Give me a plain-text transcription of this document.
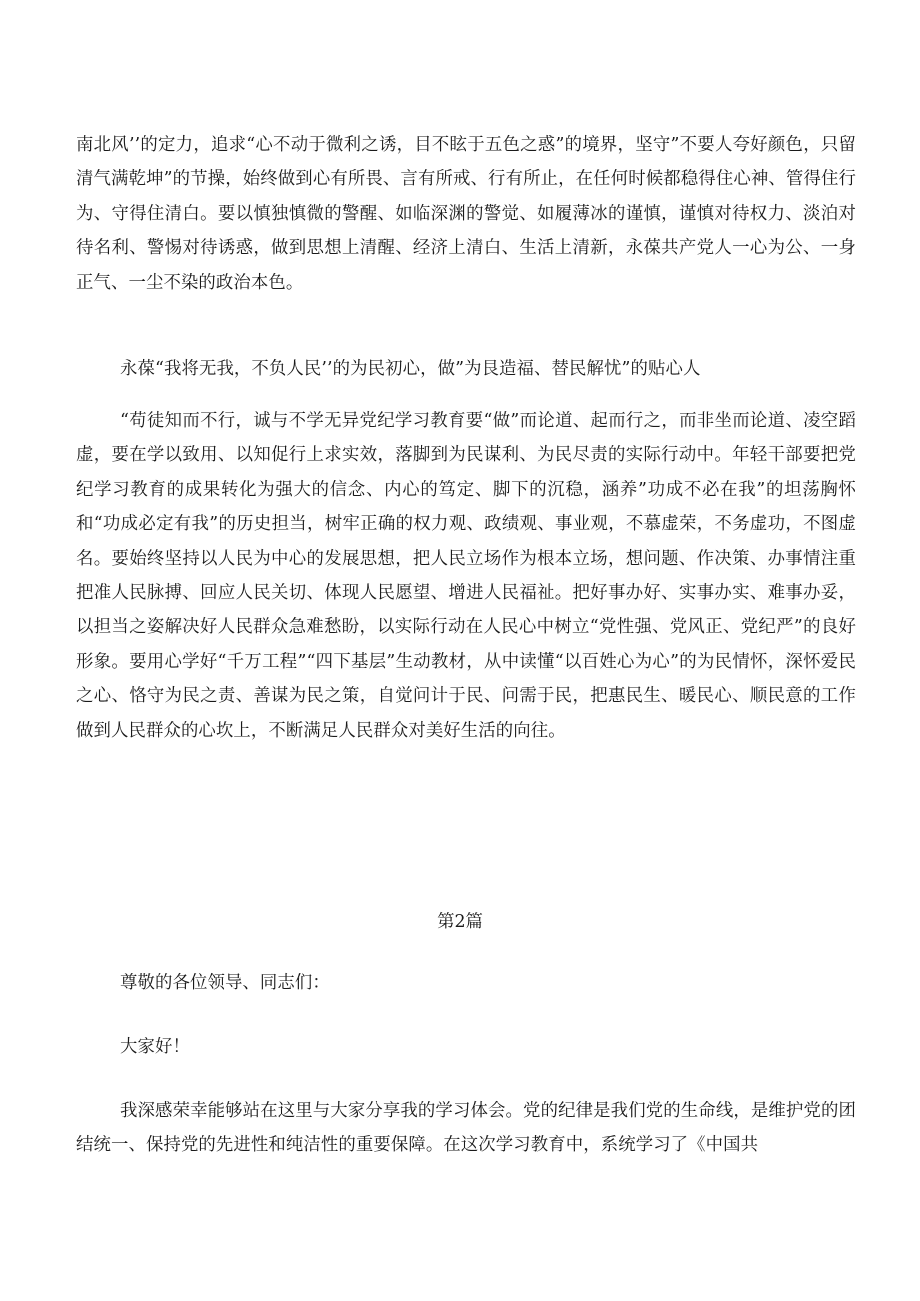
南北风’’的定力，追求“心不动于微利之诱，目不眩于五色之惑”的境界，坚守”不要人夸好颜色，只留清气满乾坤”的节操，始终做到心有所畏、言有所戒、行有所止，在任何时候都稳得住心神、管得住行为、守得住清白。要以慎独慎微的警醒、如临深渊的警觉、如履薄冰的谨慎，谨慎对待权力、淡泊对待名利、警惕对待诱惑，做到思想上清醒、经济上清白、生活上清新，永葆共产党人一心为公、一身正气、一尘不染的政治本色。

永葆“我将无我，不负人民’’的为民初心，做”为艮造福、替民解忧”的贴心人

“苟徒知而不行，诚与不学无异党纪学习教育要“做”而论道、起而行之，而非坐而论道、凌空蹈虚，要在学以致用、以知促行上求实效，落脚到为民谋利、为民尽责的实际行动中。年轻干部要把党纪学习教育的成果转化为强大的信念、内心的笃定、脚下的沉稳，涵养”功成不必在我”的坦荡胸怀和“功成必定有我”的历史担当，树牢正确的权力观、政绩观、事业观，不慕虚荣，不务虚功，不图虚名。要始终坚持以人民为中心的发展思想，把人民立场作为根本立场，想问题、作决策、办事情注重把准人民脉搏、回应人民关切、体现人民愿望、增进人民福祉。把好事办好、实事办实、难事办妥，以担当之姿解决好人民群众急难愁盼，以实际行动在人民心中树立“党性强、党风正、党纪严”的良好形象。要用心学好“千万工程”“四下基层”生动教材，从中读懂“以百姓心为心”的为民情怀，深怀爱民之心、恪守为民之责、善谋为民之策，自觉问计于民、问需于民，把惠民生、暖民心、顺民意的工作做到人民群众的心坎上，不断满足人民群众对美好生活的向往。

第2篇

尊敬的各位领导、同志们：

大家好！

我深感荣幸能够站在这里与大家分享我的学习体会。党的纪律是我们党的生命线，是维护党的团结统一、保持党的先进性和纯洁性的重要保障。在这次学习教育中，系统学习了《中国共
